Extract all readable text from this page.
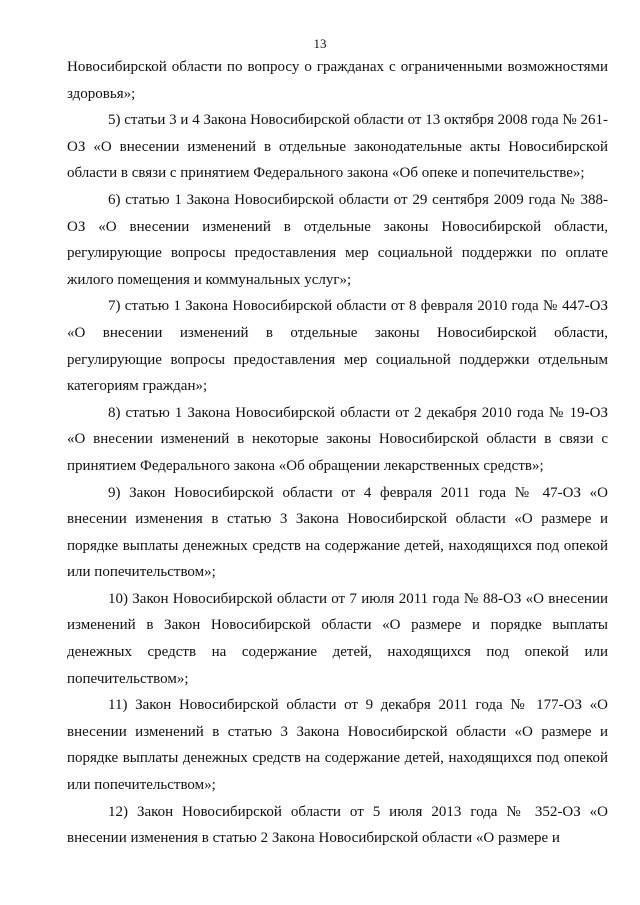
13

Новосибирской области по вопросу о гражданах с ограниченными возможностями здоровья»;

5) статьи 3 и 4 Закона Новосибирской области от 13 октября 2008 года № 261-ОЗ «О внесении изменений в отдельные законодательные акты Новосибирской области в связи с принятием Федерального закона «Об опеке и попечительстве»;

6) статью 1 Закона Новосибирской области от 29 сентября 2009 года № 388-ОЗ «О внесении изменений в отдельные законы Новосибирской области, регулирующие вопросы предоставления мер социальной поддержки по оплате жилого помещения и коммунальных услуг»;

7) статью 1 Закона Новосибирской области от 8 февраля 2010 года № 447-ОЗ «О внесении изменений в отдельные законы Новосибирской области, регулирующие вопросы предоставления мер социальной поддержки отдельным категориям граждан»;

8) статью 1 Закона Новосибирской области от 2 декабря 2010 года № 19-ОЗ «О внесении изменений в некоторые законы Новосибирской области в связи с принятием Федерального закона «Об обращении лекарственных средств»;

9) Закон Новосибирской области от 4 февраля 2011 года № 47-ОЗ «О внесении изменения в статью 3 Закона Новосибирской области «О размере и порядке выплаты денежных средств на содержание детей, находящихся под опекой или попечительством»;

10) Закон Новосибирской области от 7 июля 2011 года № 88-ОЗ «О внесении изменений в Закон Новосибирской области «О размере и порядке выплаты денежных средств на содержание детей, находящихся под опекой или попечительством»;

11) Закон Новосибирской области от 9 декабря 2011 года № 177-ОЗ «О внесении изменений в статью 3 Закона Новосибирской области «О размере и порядке выплаты денежных средств на содержание детей, находящихся под опекой или попечительством»;

12) Закон Новосибирской области от 5 июля 2013 года № 352-ОЗ «О внесении изменения в статью 2 Закона Новосибирской области «О размере и
